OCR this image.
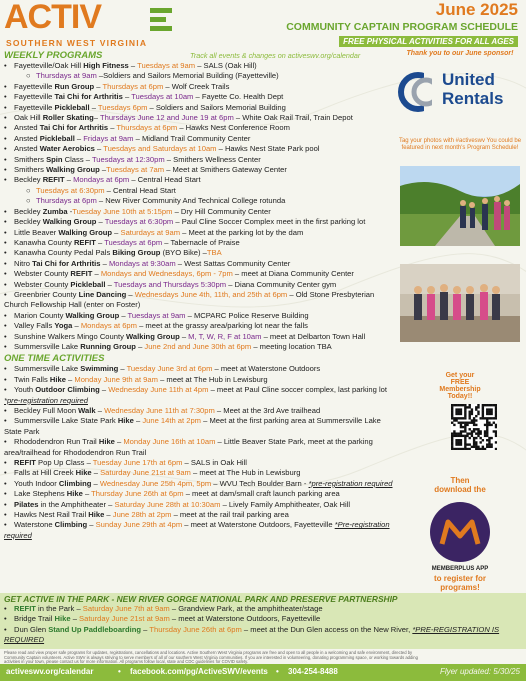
ACTIV
SOUTHERN WEST VIRGINIA
June 2025
COMMUNITY CAPTAIN PROGRAM SCHEDULE
FREE PHYSICAL ACTIVITIES FOR ALL AGES
Track all events & changes on activeswv.org/calendar
WEEKLY PROGRAMS
• Fayetteville/Oak Hill High Fitness – Tuesdays at 9am – SALS (Oak Hill)
○ Thursdays at 9am –Soldiers and Sailors Memorial Building (Fayetteville)
• Fayetteville Run Group – Thursdays at 6pm – Wolf Creek Trails
• Fayetteville Tai Chi for Arthritis – Tuesdays at 10am – Fayette Co. Health Dept
• Fayetteville Pickleball – Tuesdays 6pm – Soldiers and Sailors Memorial Building
• Oak Hill Roller Skating– Thursdays June 12 and June 19 at 6pm – White Oak Rail Trail, Train Depot
• Ansted Tai Chi for Arthritis – Thursdays at 6pm – Hawks Nest Conference Room
• Ansted Pickleball – Fridays at 9am – Midland Trail Community Center
• Ansted Water Aerobics – Tuesdays and Saturdays at 10am – Hawks Nest State Park pool
• Smithers Spin Class – Tuesdays at 12:30pm – Smithers Wellness Center
• Smithers Walking Group –Tuesdays at 7am – Meet at Smithers Gateway Center
• Beckley REFIT – Mondays at 6pm – Central Head Start
○ Tuesdays at 6:30pm – Central Head Start
○ Thursdays at 6pm – New River Community And Technical College rotunda
• Beckley Zumba -Tuesday June 10th at 5:15pm – Dry Hill Community Center
• Beckley Walking Group – Tuesdays at 6:30pm – Paul Cline Soccer Complex meet in the first parking lot
• Little Beaver Walking Group – Saturdays at 9am – Meet at the parking lot by the dam
• Kanawha County REFIT – Tuesdays at 6pm – Tabernacle of Praise
• Kanawha County Pedal Pals Biking Group (BYO Bike) –TBA
• Nitro Tai Chi for Arthritis – Mondays at 9:30am – West Sattas Community Center
• Webster County REFIT – Mondays and Wednesdays, 6pm - 7pm – meet at Diana Community Center
• Webster County Pickleball – Tuesdays and Thursdays 5:30pm – Diana Community Center gym
• Greenbrier County Line Dancing – Wednesdays June 4th, 11th, and 25th at 6pm – Old Stone Presbyterian Church Fellowship Hall (enter on Foster)
• Marion County Walking Group – Tuesdays at 9am – MCPARC Police Reserve Building
• Valley Falls Yoga – Mondays at 6pm – meet at the grassy area/parking lot near the falls
• Sunshine Walkers Mingo County Walking Group – M, T, W, R, F at 10am – meet at Delbarton Town Hall
• Summersville Lake Running Group – June 2nd and June 30th at 6pm – meeting location TBA
ONE TIME ACTIVITIES
• Summersville Lake Swimming – Tuesday June 3rd at 6pm – meet at Waterstone Outdoors
• Twin Falls Hike – Monday June 9th at 9am – meet at The Hub in Lewisburg
• Youth Outdoor Climbing – Wednesday June 11th at 4pm – meet at Paul Cline soccer complex, last parking lot *pre-registration required
• Beckley Full Moon Walk – Wednesday June 11th at 7:30pm – Meet at the 3rd Ave trailhead
• Summersville Lake State Park Hike – June 14th at 2pm – Meet at the first parking area at Summersville Lake State Park
• Rhododendron Run Trail Hike – Monday June 16th at 10am – Little Beaver State Park, meet at the parking area/trailhead for Rhododendron Run Trail
• REFIT Pop Up Class – Tuesday June 17th at 6pm – SALS in Oak Hill
• Falls at Hill Creek Hike – Saturday June 21st at 9am – meet at The Hub in Lewisburg
• Youth Indoor Climbing – Wednesday June 25th 4pm, 5pm – WVU Tech Boulder Barn - *pre-registration required
• Lake Stephens Hike – Thursday June 26th at 6pm – meet at dam/small craft launch parking area
• Pilates in the Amphitheater – Saturday June 28th at 10:30am – Lively Family Amphitheater, Oak Hill
• Hawks Nest Rail Trail Hike – June 28th at 2pm – meet at the rail trail parking area
• Waterstone Climbing – Sunday June 29th at 4pm – meet at Waterstone Outdoors, Fayetteville *Pre-registration required
GET ACTIVE IN THE PARK - NEW RIVER GORGE NATIONAL PARK AND PRESERVE PARTNERSHIP
• REFIT in the Park – Saturday June 7th at 9am – Grandview Park, at the amphitheater/stage
• Bridge Trail Hike – Saturday June 21st at 9am – meet at Waterstone Outdoors, Fayetteville
• Dun Glen Stand Up Paddleboarding – Thursday June 26th at 6pm – meet at the Dun Glen access on the New River, *PRE-REGISTRATION IS REQUIRED
Thank you to our June sponsor!
United
Rentals
Tag your photos with #activeswv You could be featured in next month's Program Schedule!
Get your
FREE
Membership
Today!!
Then
download the
MEMBERPLUS APP
to register for
programs!
Please read and view proper safe programs for updates, registrations, cancellations and locations. Active Southern West Virginia programs are free and open to all people in a welcoming and safe environment, directed by Community Captain volunteers. Active SWV is always striving to serve members of all of our southern West Virginia communities. If you are interested in volunteering, donating programming space, or working towards adding activities in your town, please contact us for more information. All programs follow local, state and CDC guidelines for COVID safety.
activeswv.org/calendar	• facebook.com/pg/ActiveSWV/events • 304-254-8488	Flyer updated: 5/30/25
